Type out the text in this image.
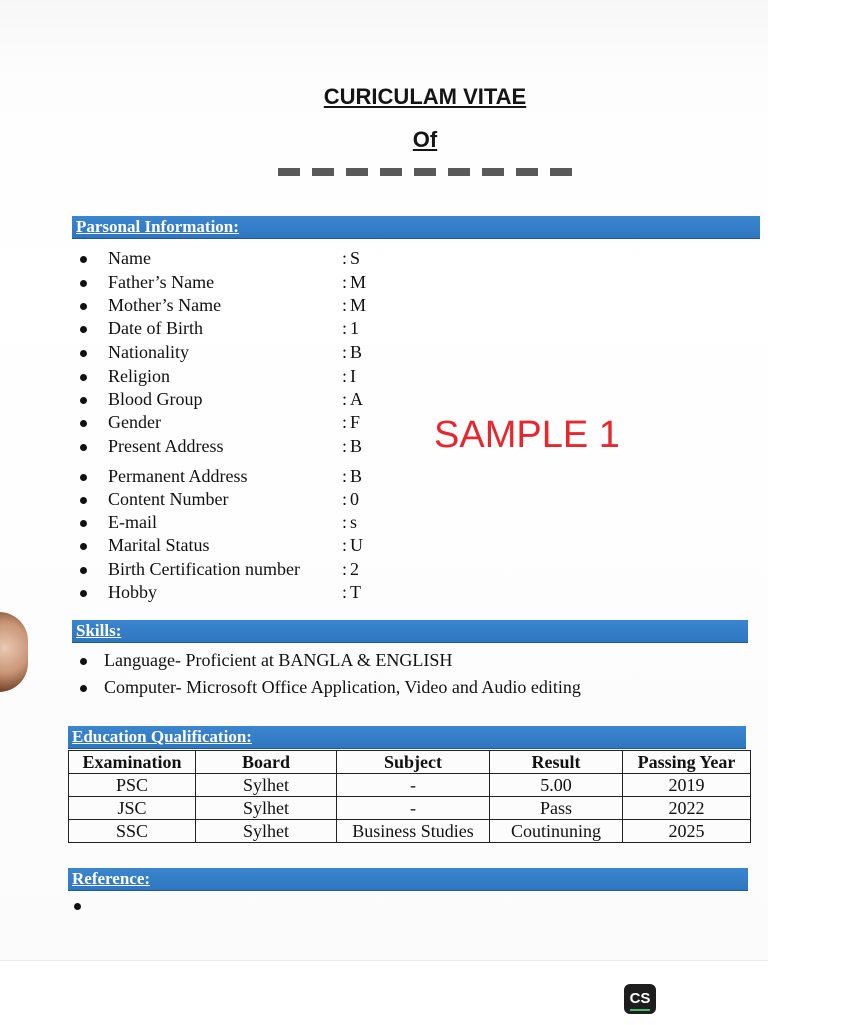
CURICULAM VITAE
Of
Parsonal Information:
Name	: S
Father’s Name	: M
Mother’s Name	: M
Date of Birth	: 1
Nationality	: B
Religion	: I
Blood Group	: A
Gender	: F
Present Address	: B
Permanent Address	: B
Content Number	: 0
E-mail	: s
Marital Status	: U
Birth Certification number : 2
Hobby	: T
SAMPLE 1
Skills:
Language- Proficient at BANGLA & ENGLISH
Computer- Microsoft Office Application, Video and Audio editing
Education Qualification:
Examination	Board	Subject	Result	Passing Year
PSC	Sylhet	-	5.00	2019
JSC	Sylhet	-	Pass	2022
SSC	Sylhet	Business Studies	Coutinuning	2025
Reference:
CS
